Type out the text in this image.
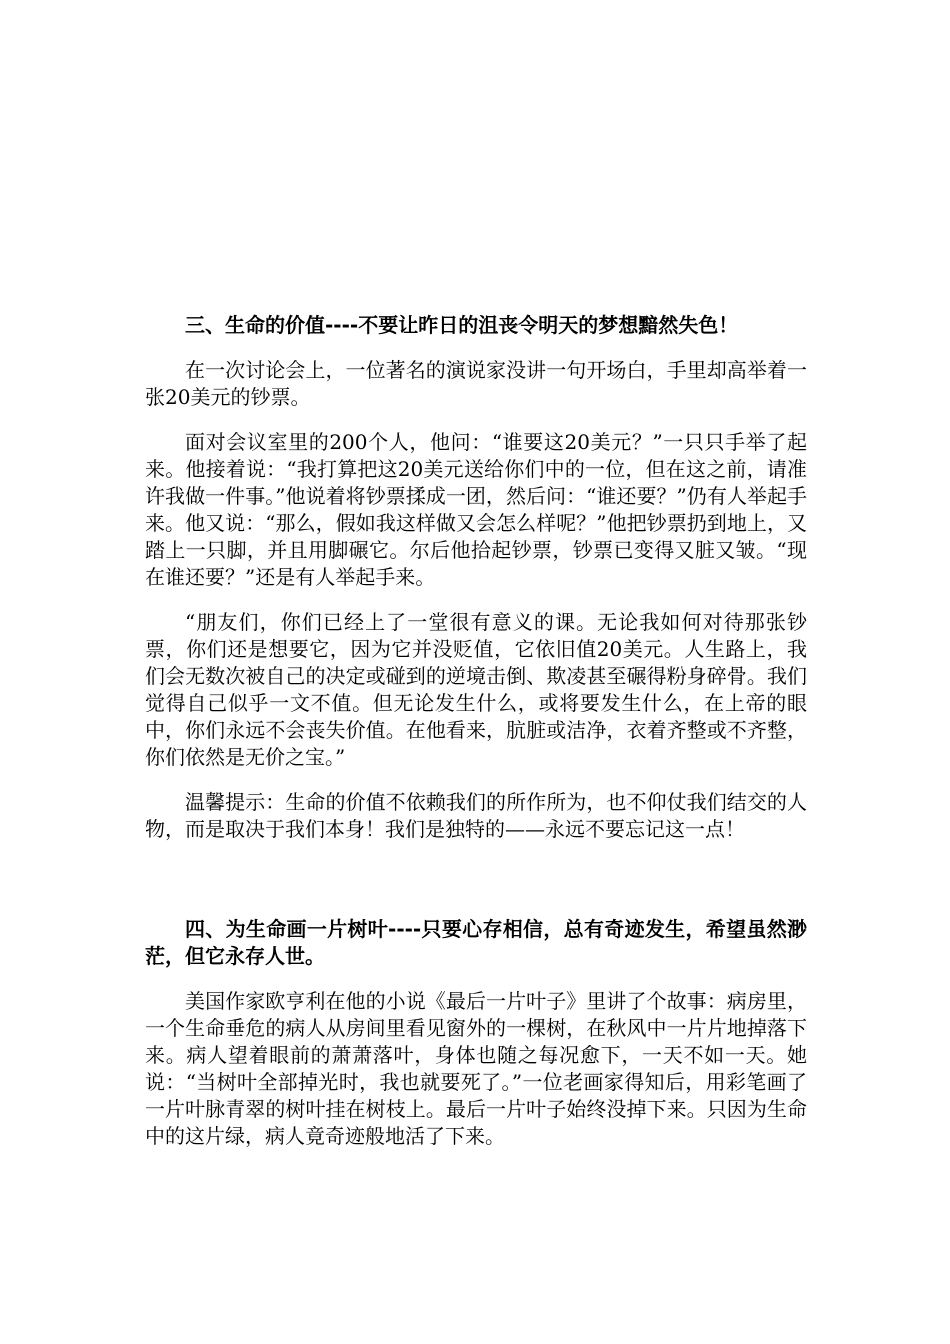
三、生命的价值----不要让昨日的沮丧令明天的梦想黯然失色！

在一次讨论会上，一位著名的演说家没讲一句开场白，手里却高举着一张20美元的钞票。

面对会议室里的200个人，他问：“谁要这20美元？”一只只手举了起来。他接着说：“我打算把这20美元送给你们中的一位，但在这之前，请准许我做一件事。”他说着将钞票揉成一团，然后问：“谁还要？”仍有人举起手来。他又说：“那么，假如我这样做又会怎么样呢？”他把钞票扔到地上，又踏上一只脚，并且用脚碾它。尔后他拾起钞票，钞票已变得又脏又皱。“现在谁还要？”还是有人举起手来。

“朋友们，你们已经上了一堂很有意义的课。无论我如何对待那张钞票，你们还是想要它，因为它并没贬值，它依旧值20美元。人生路上，我们会无数次被自己的决定或碰到的逆境击倒、欺凌甚至碾得粉身碎骨。我们觉得自己似乎一文不值。但无论发生什么，或将要发生什么，在上帝的眼中，你们永远不会丧失价值。在他看来，肮脏或洁净，衣着齐整或不齐整，你们依然是无价之宝。”

温馨提示：生命的价值不依赖我们的所作所为，也不仰仗我们结交的人物，而是取决于我们本身！我们是独特的——永远不要忘记这一点！

四、为生命画一片树叶----只要心存相信，总有奇迹发生，希望虽然渺茫，但它永存人世。

美国作家欧亨利在他的小说《最后一片叶子》里讲了个故事：病房里，一个生命垂危的病人从房间里看见窗外的一棵树，在秋风中一片片地掉落下来。病人望着眼前的萧萧落叶，身体也随之每况愈下，一天不如一天。她说：“当树叶全部掉光时，我也就要死了。”一位老画家得知后，用彩笔画了一片叶脉青翠的树叶挂在树枝上。最后一片叶子始终没掉下来。只因为生命中的这片绿，病人竟奇迹般地活了下来。
